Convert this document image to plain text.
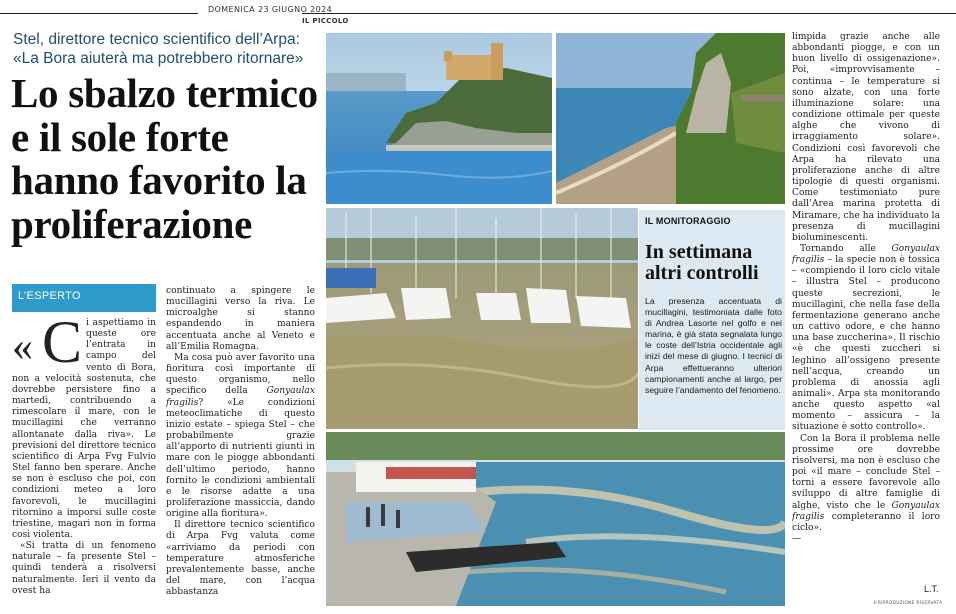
DOMENICA 23 GIUGNO 2024
IL PICCOLO
Stel, direttore tecnico scientifico dell’Arpa: «La Bora aiuterà ma potrebbero ritornare»
Lo sbalzo termico e il sole forte hanno favorito la proliferazione
L’ESPERTO
« C i aspettiamo in queste ore l’entrata in campo del vento di Bora, non a velocità sostenuta, che dovrebbe persistere fino a martedì, contribuendo a rimescolare il mare, con le mucillagini che verranno allontanate dalla riva». Le previsioni del direttore tecnico scientifico di Arpa Fvg Fulvio Stel fanno ben sperare. Anche se non è escluso che poi, con condizioni meteo a loro favorevoli, le mucillagini ritornino a imporsi sulle coste triestine, magari non in forma così violenta.

«Si tratta di un fenomeno naturale – fa presente Stel – quindi tenderà a risolversi naturalmente. Ieri il vento da ovest ha

continuato a spingere le mucillagini verso la riva. Le microalghe si stanno espandendo in maniera accentuata anche al Veneto e all’Emilia Romagna.

Ma cosa può aver favorito una fioritura così importante di questo organismo, nello specifico della Gonyaulax fragilis? «Le condizioni meteoclimatiche di questo inizio estate – spiega Stel – che probabilmente grazie all’apporto di nutrienti giunti in mare con le piogge abbondanti dell’ultimo periodo, hanno fornito le condizioni ambientali e le risorse adatte a una proliferazione massiccia, dando origine alla fioritura».

Il direttore tecnico scientifico di Arpa Fvg valuta come «arriviamo da periodi con temperature atmosferiche prevalentemente basse, anche del mare, con l’acqua abbastanza

limpida grazie anche alle abbondanti piogge, e con un buon livello di ossigenazione». Poi, «improvvisamente – continua – le temperature si sono alzate, con una forte illuminazione solare: una condizione ottimale per queste alghe che vivono di irraggiamento solare». Condizioni così favorevoli che Arpa ha rilevato una proliferazione anche di altre tipologie di questi organismi. Come testimoniato pure dall’Area marina protetta di Miramare, che ha individuato la presenza di mucillagini bioluminescenti.

Tornando alle Gonyaulax fragilis – la specie non è tossica – «compiendo il loro ciclo vitale – illustra Stel – producono queste secrezioni, le mucillagini, che nella fase della fermentazione generano anche un cattivo odore, e che hanno una base zuccherina». Il rischio «è che questi zuccheri si leghino all’ossigeno presente nell’acqua, creando un problema di anossia agli animali». Arpa sta monitorando anche questo aspetto «al momento – assicura – la situazione è sotto controllo».

Con la Bora il problema nelle prossime ore dovrebbe risolversi, ma non è escluso che poi «il mare – conclude Stel – torni a essere favorevole allo sviluppo di altre famiglie di alghe, visto che le Gonyaulax fragilis completeranno il loro ciclo».

—

L.T.
IL MONITORAGGIO
In settimana altri controlli
La presenza accentuata di mucillagini, testimoniata dalle foto di Andrea Lasorte nel golfo e nei marina, è già stata segnalata lungo le coste dell’Istria occidentale agli inizi del mese di giugno. I tecnici di Arpa effettueranno ulteriori campionamenti anche al largo, per seguire l’andamento del fenomeno.
©RIPRODUZIONE RISERVATA
